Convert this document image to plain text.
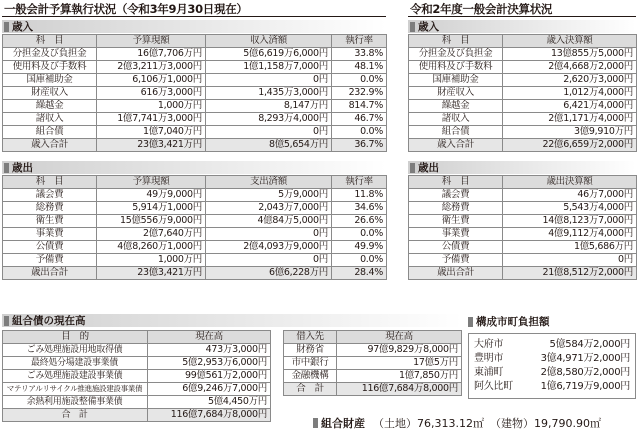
一般会計予算執行状況（令和3年9月30日現在）
歳入
科　目	予算現額	収入済額	執行率
分担金及び負担金	16億7,706万円	5億6,619万6,000円	33.8%
使用料及び手数料	2億3,211万3,000円	1億1,158万7,000円	48.1%
国庫補助金	6,106万1,000円	0円	0.0%
財産収入	616万3,000円	1,435万3,000円	232.9%
繰越金	1,000万円	8,147万円	814.7%
諸収入	1億7,741万3,000円	8,293万4,000円	46.7%
組合債	1億7,040万円	0円	0.0%
歳入合計	23億3,421万円	8億5,654万円	36.7%
歳出
科　目	予算現額	支出済額	執行率
議会費	49万9,000円	5万9,000円	11.8%
総務費	5,914万1,000円	2,043万7,000円	34.6%
衛生費	15億556万9,000円	4億84万5,000円	26.6%
事業費	2億7,640万円	0円	0.0%
公債費	4億8,260万1,000円	2億4,093万9,000円	49.9%
予備費	1,000万円	0円	0.0%
歳出合計	23億3,421万円	6億6,228万円	28.4%
令和2年度一般会計決算状況
歳入
科　目	歳入決算額
分担金及び負担金	13億855万5,000円
使用料及び手数料	2億4,668万2,000円
国庫補助金	2,620万3,000円
財産収入	1,012万4,000円
繰越金	6,421万4,000円
諸収入	2億1,171万4,000円
組合債	3億9,910万円
歳入合計	22億6,659万2,000円
歳出
科　目	歳出決算額
議会費	46万7,000円
総務費	5,543万4,000円
衛生費	14億8,123万7,000円
事業費	4億9,112万4,000円
公債費	1億5,686万円
予備費	0円
歳出合計	21億8,512万2,000円
組合債の現在高
目　的	現在高
ごみ処理施設用地取得債	473万3,000円
最終処分場建設事業債	5億2,953万6,000円
ごみ処理施設建設事業債	99億561万2,000円
マテリアルリサイクル推進施設建設事業債	6億9,246万7,000円
余熱利用施設整備事業債	5億4,450万円
合　計	116億7,684万8,000円
借入先	現在高
財務省	97億9,829万8,000円
市中銀行	17億5万円
金融機構	1億7,850万円
合　計	116億7,684万8,000円
構成市町負担額
大府市	5億584万2,000円
豊明市	3億4,971万2,000円
東浦町	2億8,580万2,000円
阿久比町	1億6,719万9,000円
組合財産 （土地） 76,313.12㎡ （建物） 19,790.90㎡
